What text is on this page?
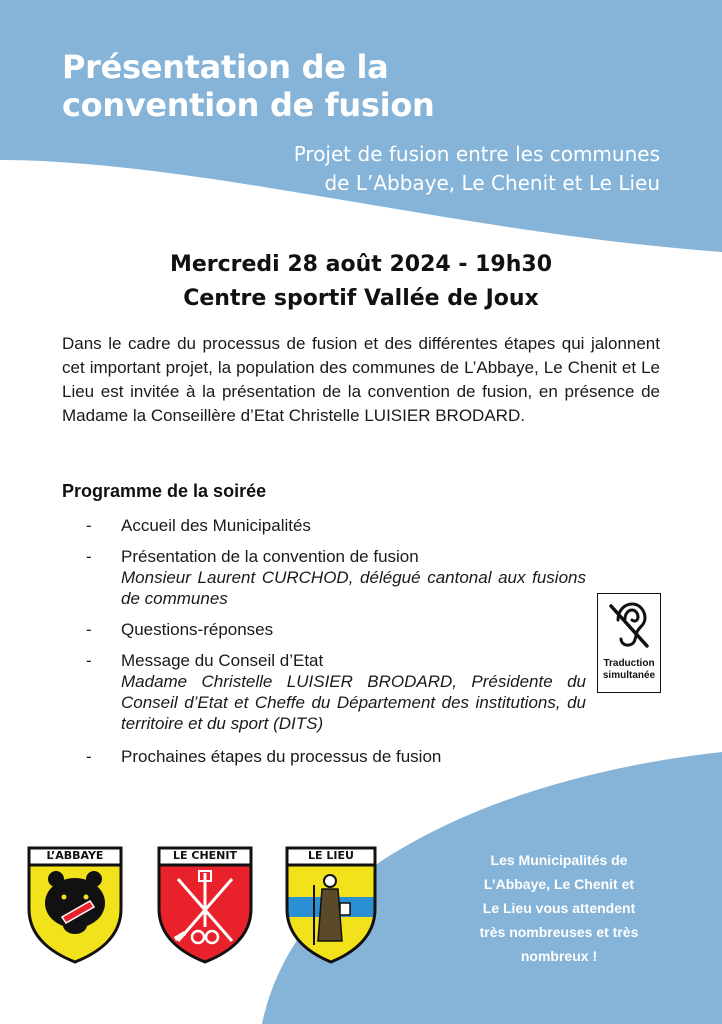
Présentation de la
convention de fusion
Projet de fusion entre les communes
de L’Abbaye, Le Chenit et Le Lieu
Mercredi 28 août 2024 - 19h30
Centre sportif Vallée de Joux

Dans le cadre du processus de fusion et des différentes étapes qui jalonnent cet important projet, la population des communes de L’Abbaye, Le Chenit et Le Lieu est invitée à la présentation de la convention de fusion, en présence de Madame la Conseillère d’Etat Christelle LUISIER BRODARD.

Programme de la soirée
- Accueil des Municipalités
- Présentation de la convention de fusion
Monsieur Laurent CURCHOD, délégué cantonal aux fusions de communes
- Questions-réponses
- Message du Conseil d’Etat
Madame Christelle LUISIER BRODARD, Présidente du Conseil d’Etat et Cheffe du Département des institutions, du territoire et du sport (DITS)
- Prochaines étapes du processus de fusion
Traduction
simultanée
L’ABBAYE	LE CHENIT	LE LIEU	Les Municipalités de
L’Abbaye, Le Chenit et
Le Lieu vous attendent
très nombreuses et très
nombreux !
